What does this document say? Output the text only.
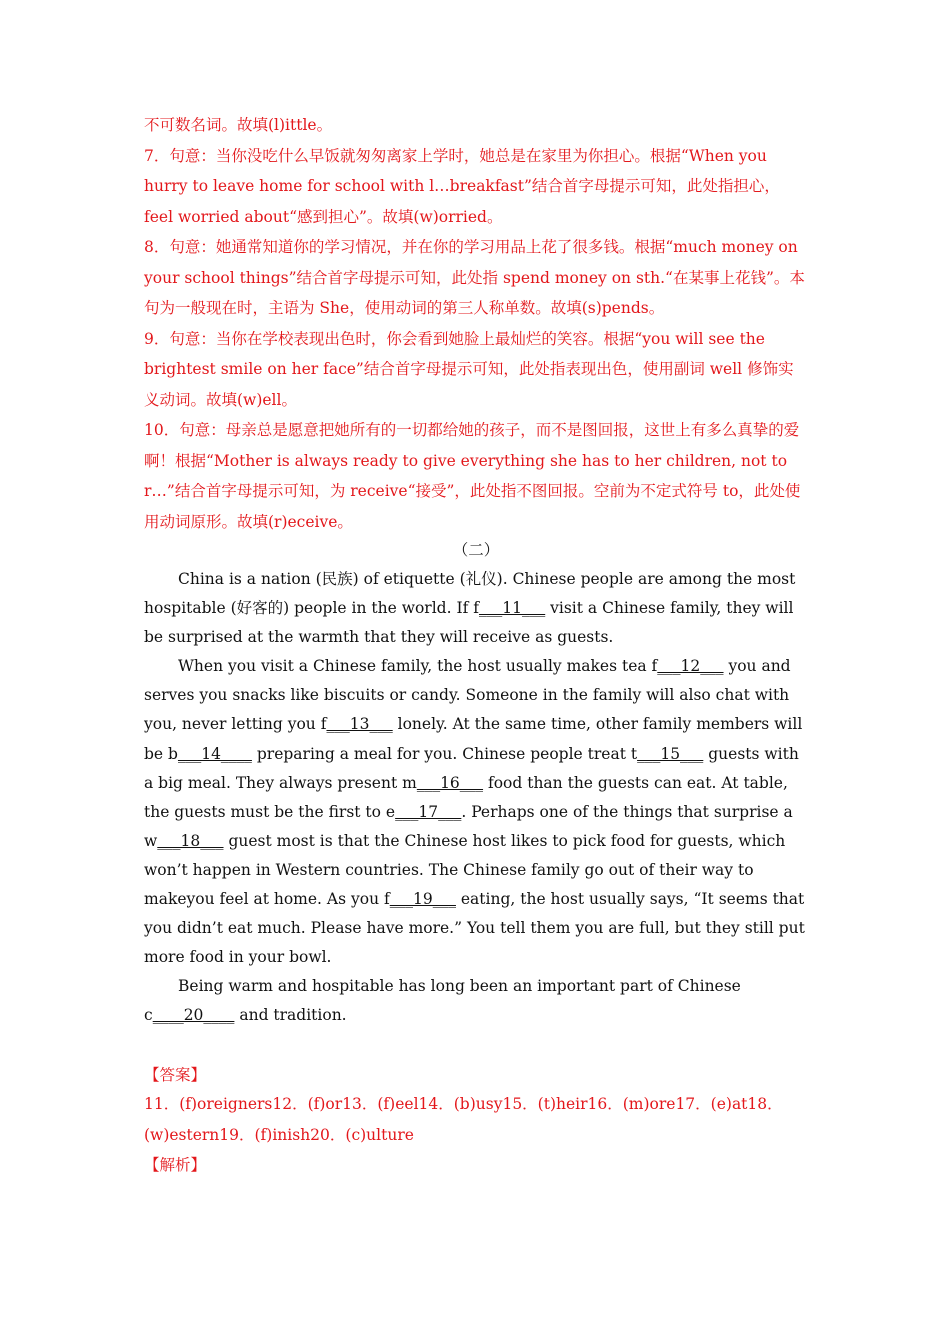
不可数名词。故填(l)ittle。

7．句意：当你没吃什么早饭就匆匆离家上学时，她总是在家里为你担心。根据“When you hurry to leave home for school with l…breakfast”结合首字母提示可知，此处指担心，feel worried about“感到担心”。故填(w)orried。

8．句意：她通常知道你的学习情况，并在你的学习用品上花了很多钱。根据“much money on your school things”结合首字母提示可知，此处指 spend money on sth.“在某事上花钱”。本句为一般现在时，主语为 She，使用动词的第三人称单数。故填(s)pends。

9．句意：当你在学校表现出色时，你会看到她脸上最灿烂的笑容。根据“you will see the brightest smile on her face”结合首字母提示可知，此处指表现出色，使用副词 well 修饰实义动词。故填(w)ell。

10．句意：母亲总是愿意把她所有的一切都给她的孩子，而不是图回报，这世上有多么真挚的爱啊！根据“Mother is always ready to give everything she has to her children, not to r…”结合首字母提示可知，为 receive“接受”，此处指不图回报。空前为不定式符号 to，此处使用动词原形。故填(r)eceive。

（二）

China is a nation (民族) of etiquette (礼仪). Chinese people are among the most hospitable (好客的) people in the world. If f___11___ visit a Chinese family, they will be surprised at the warmth that they will receive as guests.

When you visit a Chinese family, the host usually makes tea f___12___ you and serves you snacks like biscuits or candy. Someone in the family will also chat with you, never letting you f___13___ lonely. At the same time, other family members will be b___14____ preparing a meal for you. Chinese people treat t___15___ guests with a big meal. They always present m___16___ food than the guests can eat. At table, the guests must be the first to e___17___. Perhaps one of the things that surprise a w___18___ guest most is that the Chinese host likes to pick food for guests, which won’t happen in Western countries. The Chinese family go out of their way to makeyou feel at home. As you f___19___ eating, the host usually says, “It seems that you didn’t eat much. Please have more.” You tell them you are full, but they still put more food in your bowl.

Being warm and hospitable has long been an important part of Chinese c____20____ and tradition.

【答案】
11．(f)oreigners12．(f)or13．(f)eel14．(b)usy15．(t)heir16．(m)ore17．(e)at18．(w)estern19．(f)inish20．(c)ulture
【解析】
